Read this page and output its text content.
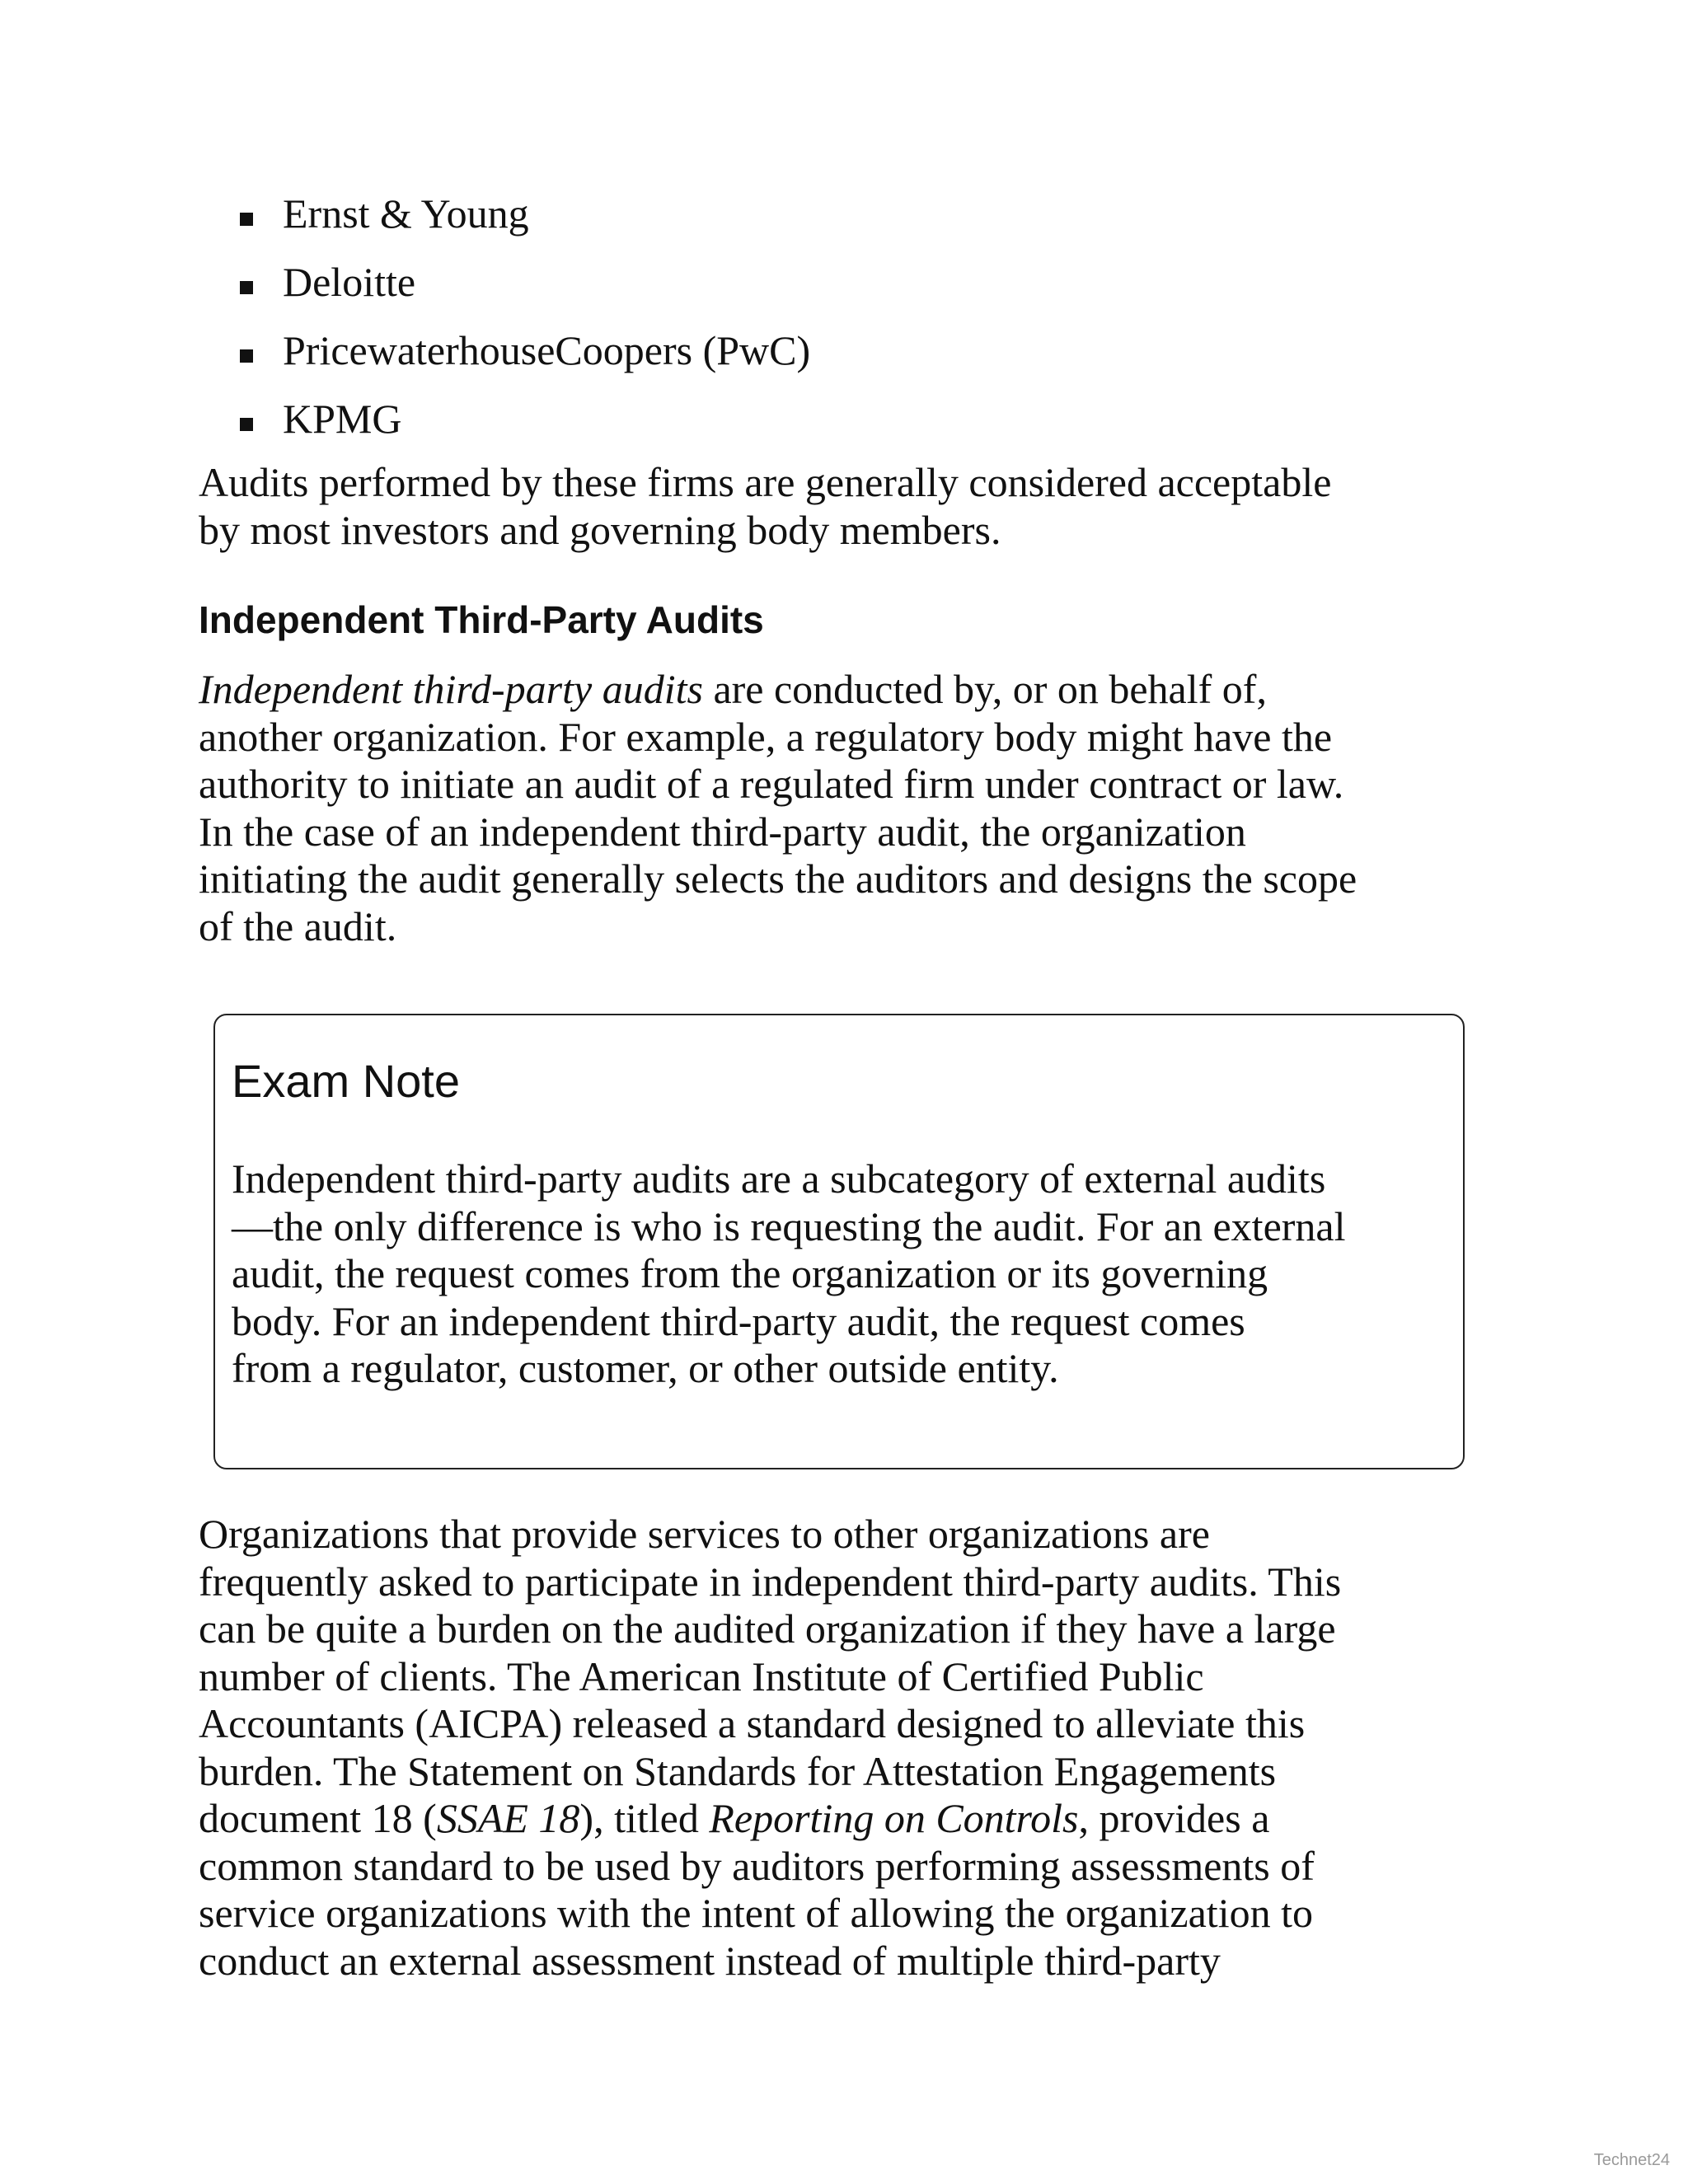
Ernst & Young
Deloitte
PricewaterhouseCoopers (PwC)
KPMG

Audits performed by these firms are generally considered acceptable
by most investors and governing body members.

Independent Third-Party Audits

Independent third-party audits are conducted by, or on behalf of,
another organization. For example, a regulatory body might have the
authority to initiate an audit of a regulated firm under contract or law.
In the case of an independent third-party audit, the organization
initiating the audit generally selects the auditors and designs the scope
of the audit.

Exam Note

Independent third-party audits are a subcategory of external audits
—the only difference is who is requesting the audit. For an external
audit, the request comes from the organization or its governing
body. For an independent third-party audit, the request comes
from a regulator, customer, or other outside entity.

Organizations that provide services to other organizations are
frequently asked to participate in independent third-party audits. This
can be quite a burden on the audited organization if they have a large
number of clients. The American Institute of Certified Public
Accountants (AICPA) released a standard designed to alleviate this
burden. The Statement on Standards for Attestation Engagements
document 18 (SSAE 18), titled Reporting on Controls, provides a
common standard to be used by auditors performing assessments of
service organizations with the intent of allowing the organization to
conduct an external assessment instead of multiple third-party

Technet24
